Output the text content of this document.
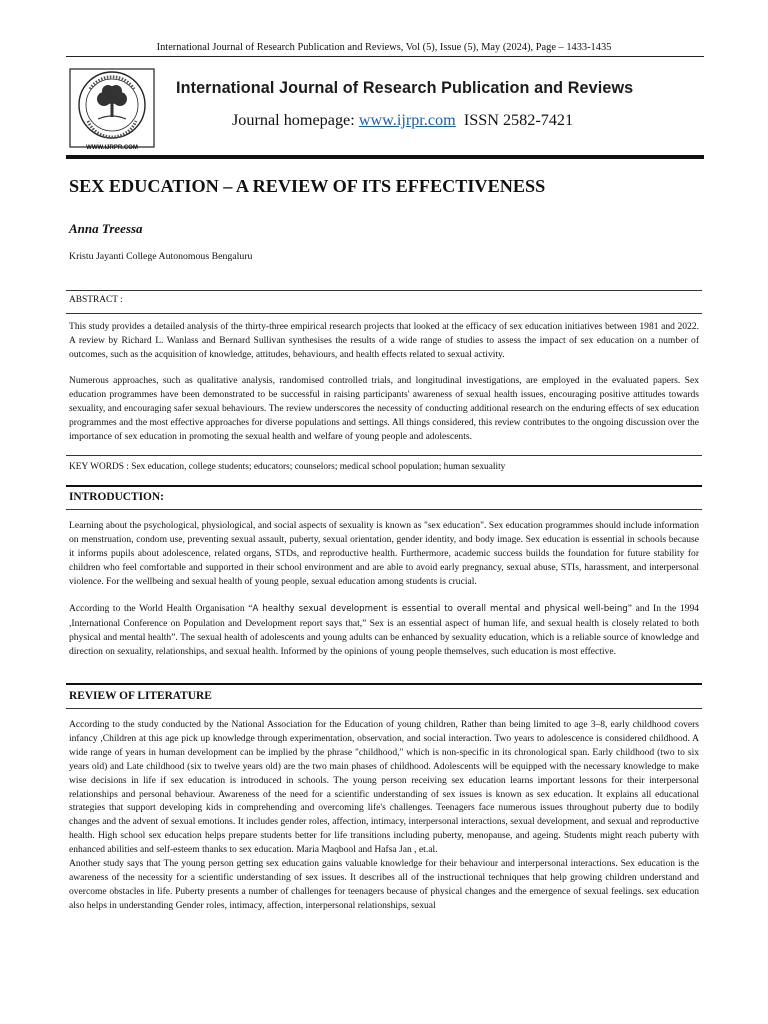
International Journal of Research Publication and Reviews, Vol (5), Issue (5), May (2024), Page – 1433-1435
WWW.IJRPR.COM
International Journal of Research Publication and Reviews
Journal homepage: www.ijrpr.com ISSN 2582-7421
SEX EDUCATION – A REVIEW OF ITS EFFECTIVENESS
Anna Treessa
Kristu Jayanti College Autonomous Bengaluru
ABSTRACT :

This study provides a detailed analysis of the thirty-three empirical research projects that looked at the efficacy of sex education initiatives between 1981 and 2022. A review by Richard L. Wanlass and Bernard Sullivan synthesises the results of a wide range of studies to assess the impact of sex education on a number of outcomes, such as the acquisition of knowledge, attitudes, behaviours, and health effects related to sexual activity.

Numerous approaches, such as qualitative analysis, randomised controlled trials, and longitudinal investigations, are employed in the evaluated papers. Sex education programmes have been demonstrated to be successful in raising participants' awareness of sexual health issues, encouraging positive attitudes towards sexuality, and encouraging safer sexual behaviours. The review underscores the necessity of conducting additional research on the enduring effects of sex education programmes and the most effective approaches for diverse populations and settings. All things considered, this review contributes to the ongoing discussion over the importance of sex education in promoting the sexual health and welfare of young people and adolescents.

KEY WORDS : Sex education, college students; educators; counselors; medical school population; human sexuality
INTRODUCTION:

Learning about the psychological, physiological, and social aspects of sexuality is known as "sex education". Sex education programmes should include information on menstruation, condom use, preventing sexual assault, puberty, sexual orientation, gender identity, and body image. Sex education is essential in schools because it informs pupils about adolescence, related organs, STDs, and reproductive health. Furthermore, academic success builds the foundation for future stability for children who feel comfortable and supported in their school environment and are able to avoid early pregnancy, sexual abuse, STIs, harassment, and interpersonal violence. For the wellbeing and sexual health of young people, sexual education among students is crucial.

According to the World Health Organisation “A healthy sexual development is essential to overall mental and physical well-being” and In the 1994 ,International Conference on Population and Development report says that,” Sex is an essential aspect of human life, and sexual health is closely related to both physical and mental health”. The sexual health of adolescents and young adults can be enhanced by sexuality education, which is a reliable source of knowledge and direction on sexuality, relationships, and sexual health. Informed by the opinions of young people themselves, such education is most effective.

REVIEW OF LITERATURE

According to the study conducted by the National Association for the Education of young children, Rather than being limited to age 3–8, early childhood covers infancy ,Children at this age pick up knowledge through experimentation, observation, and social interaction. Two years to adolescence is considered childhood. A wide range of years in human development can be implied by the phrase "childhood," which is non-specific in its chronological span. Early childhood (two to six years old) and Late childhood (six to twelve years old) are the two main phases of childhood. Adolescents will be equipped with the necessary knowledge to make wise decisions in life if sex education is introduced in schools. The young person receiving sex education learns important lessons for their interpersonal relationships and personal behaviour. Awareness of the need for a scientific understanding of sex issues is known as sex education. It explains all educational strategies that support developing kids in comprehending and overcoming life's challenges. Teenagers face numerous issues throughout puberty due to bodily changes and the advent of sexual emotions. It includes gender roles, affection, intimacy, interpersonal interactions, sexual development, and sexual and reproductive health. High school sex education helps prepare students better for life transitions including puberty, menopause, and ageing. Students might reach puberty with enhanced abilities and self-esteem thanks to sex education. Maria Maqbool and Hafsa Jan , et.al.

Another study says that The young person getting sex education gains valuable knowledge for their behaviour and interpersonal interactions. Sex education is the awareness of the necessity for a scientific understanding of sex issues. It describes all of the instructional techniques that help growing children understand and overcome obstacles in life. Puberty presents a number of challenges for teenagers because of physical changes and the emergence of sexual feelings. sex education also helps in understanding Gender roles, intimacy, affection, interpersonal relationships, sexual
